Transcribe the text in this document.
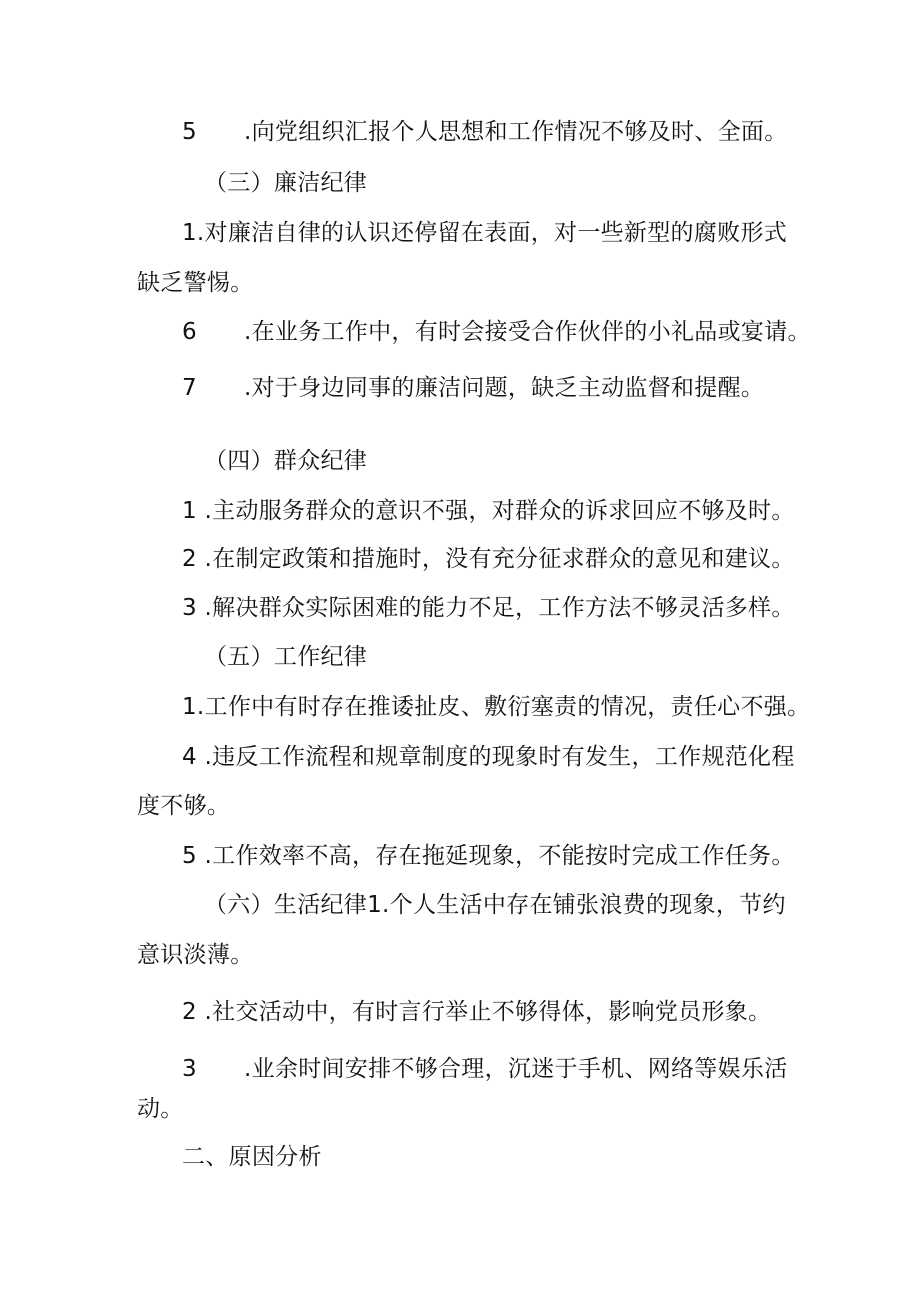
5 .向党组织汇报个人思想和工作情况不够及时、全面。
（三）廉洁纪律
1.对廉洁自律的认识还停留在表面，对一些新型的腐败形式
缺乏警惕。
6 .在业务工作中，有时会接受合作伙伴的小礼品或宴请。
7 .对于身边同事的廉洁问题，缺乏主动监督和提醒。
（四）群众纪律
1 .主动服务群众的意识不强，对群众的诉求回应不够及时。
2 .在制定政策和措施时，没有充分征求群众的意见和建议。
3 .解决群众实际困难的能力不足，工作方法不够灵活多样。
（五）工作纪律
1.工作中有时存在推诿扯皮、敷衍塞责的情况，责任心不强。
4 .违反工作流程和规章制度的现象时有发生，工作规范化程
度不够。
5 .工作效率不高，存在拖延现象，不能按时完成工作任务。
（六）生活纪律1.个人生活中存在铺张浪费的现象，节约
意识淡薄。
2 .社交活动中，有时言行举止不够得体，影响党员形象。
3 .业余时间安排不够合理，沉迷于手机、网络等娱乐活
动。
二、原因分析
